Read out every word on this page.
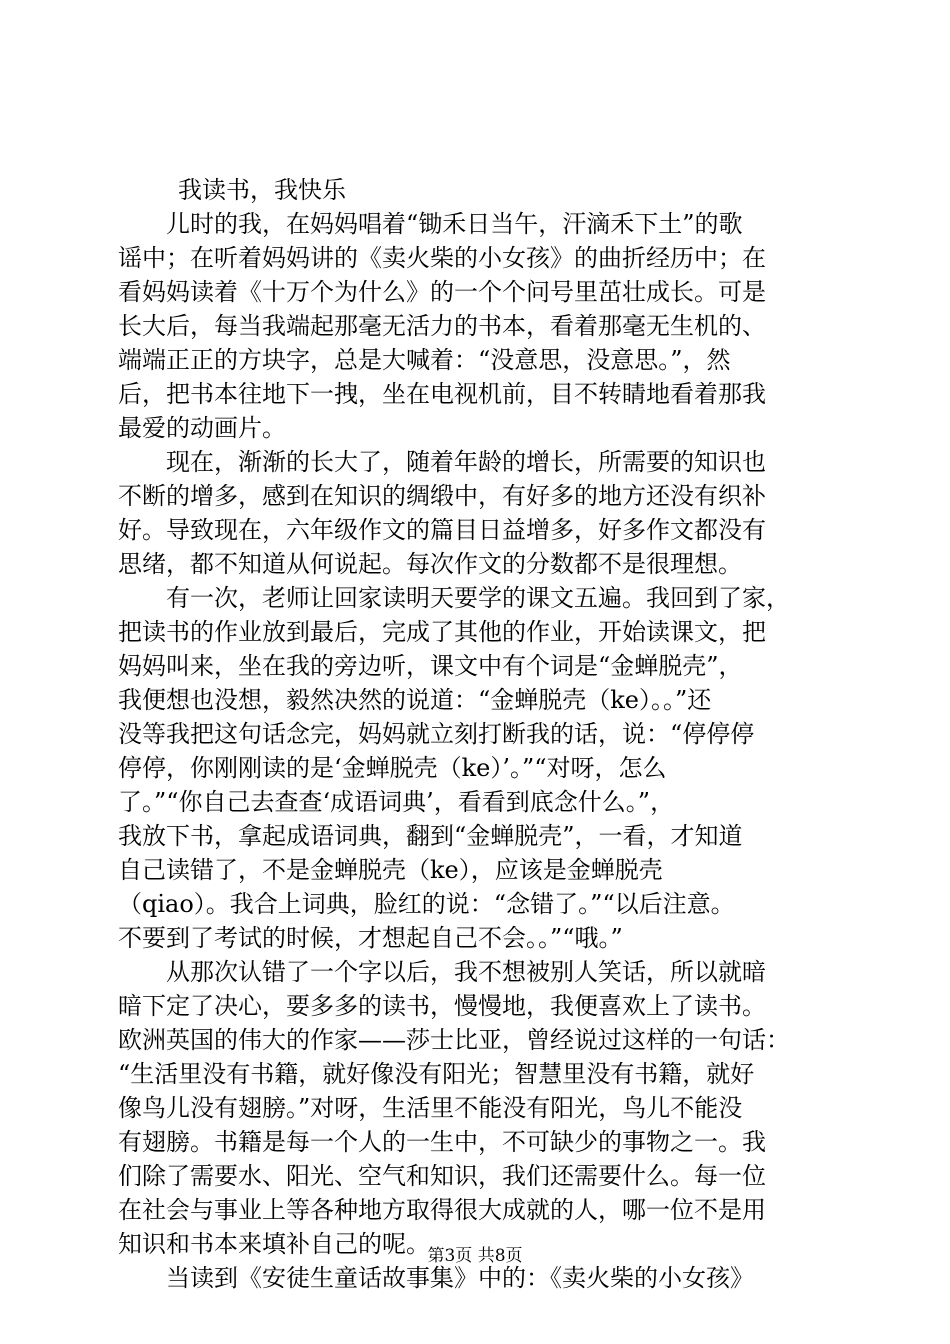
我读书，我快乐
　　儿时的我，在妈妈唱着“锄禾日当午，汗滴禾下土”的歌
谣中；在听着妈妈讲的《卖火柴的小女孩》的曲折经历中；在
看妈妈读着《十万个为什么》的一个个问号里茁壮成长。可是
长大后，每当我端起那毫无活力的书本，看着那毫无生机的、
端端正正的方块字，总是大喊着：“没意思，没意思。”，然
后，把书本往地下一拽，坐在电视机前，目不转睛地看着那我
最爱的动画片。
　　现在，渐渐的长大了，随着年龄的增长，所需要的知识也
不断的增多，感到在知识的绸缎中，有好多的地方还没有织补
好。导致现在，六年级作文的篇目日益增多，好多作文都没有
思绪，都不知道从何说起。每次作文的分数都不是很理想。
　　有一次，老师让回家读明天要学的课文五遍。我回到了家，
把读书的作业放到最后，完成了其他的作业，开始读课文，把
妈妈叫来，坐在我的旁边听，课文中有个词是“金蝉脱壳”，
我便想也没想，毅然决然的说道：“金蝉脱壳（ke）。。”还
没等我把这句话念完，妈妈就立刻打断我的话，说：“停停停
停停，你刚刚读的是‘金蝉脱壳（ke）’。”“对呀，怎么
了。”“你自己去查查‘成语词典’，看看到底念什么。”，
我放下书，拿起成语词典，翻到“金蝉脱壳”，一看，才知道
自己读错了，不是金蝉脱壳（ke），应该是金蝉脱壳
（qiao）。我合上词典，脸红的说：“念错了。”“以后注意。
不要到了考试的时候，才想起自己不会。。”“哦。”
　　从那次认错了一个字以后，我不想被别人笑话，所以就暗
暗下定了决心，要多多的读书，慢慢地，我便喜欢上了读书。
欧洲英国的伟大的作家——莎士比亚，曾经说过这样的一句话：
“生活里没有书籍，就好像没有阳光；智慧里没有书籍，就好
像鸟儿没有翅膀。”对呀，生活里不能没有阳光，鸟儿不能没
有翅膀。书籍是每一个人的一生中，不可缺少的事物之一。我
们除了需要水、阳光、空气和知识，我们还需要什么。每一位
在社会与事业上等各种地方取得很大成就的人，哪一位不是用
知识和书本来填补自己的呢。
　　当读到《安徒生童话故事集》中的：《卖火柴的小女孩》
第3页 共8页
